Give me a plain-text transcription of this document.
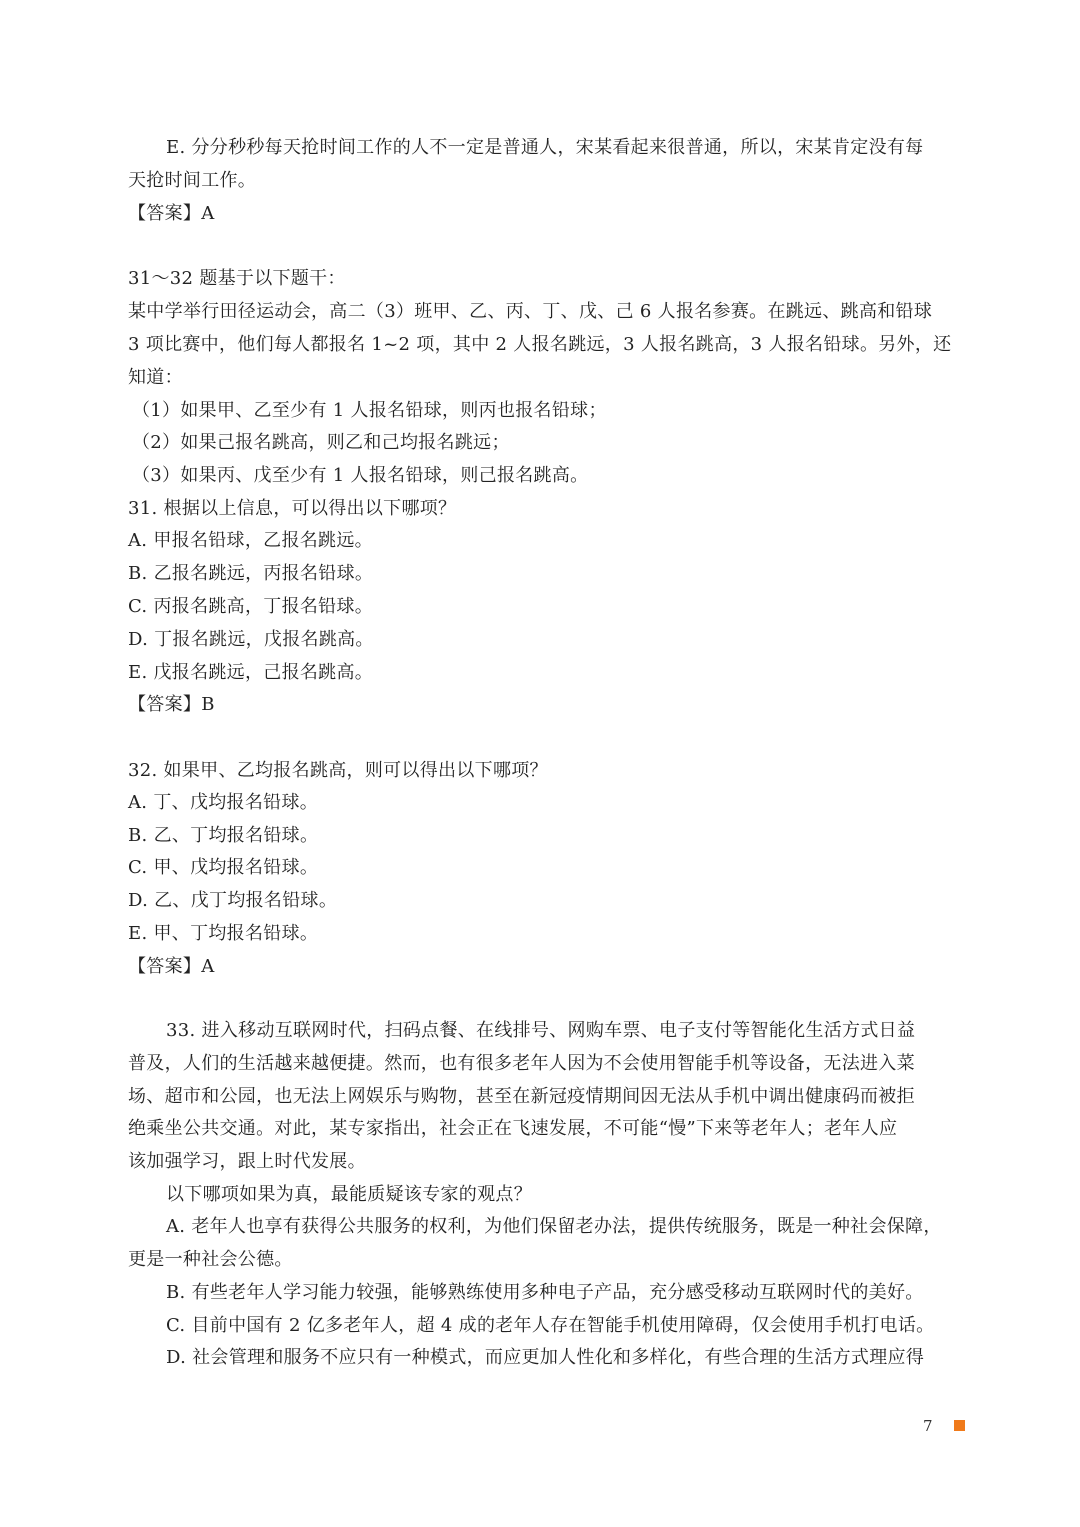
E. 分分秒秒每天抢时间工作的人不一定是普通人，宋某看起来很普通，所以，宋某肯定没有每
天抢时间工作。
【答案】A
31～32 题基于以下题干：
某中学举行田径运动会，高二（3）班甲、乙、丙、丁、戊、己 6 人报名参赛。在跳远、跳高和铅球
3 项比赛中，他们每人都报名 1~2 项，其中 2 人报名跳远，3 人报名跳高，3 人报名铅球。另外，还
知道：
（1）如果甲、乙至少有 1 人报名铅球，则丙也报名铅球；
（2）如果己报名跳高，则乙和己均报名跳远；
（3）如果丙、戊至少有 1 人报名铅球，则己报名跳高。
31. 根据以上信息，可以得出以下哪项？
A. 甲报名铅球，乙报名跳远。
B. 乙报名跳远，丙报名铅球。
C. 丙报名跳高，丁报名铅球。
D. 丁报名跳远，戊报名跳高。
E. 戊报名跳远，己报名跳高。
【答案】B
32. 如果甲、乙均报名跳高，则可以得出以下哪项？
A. 丁、戊均报名铅球。
B. 乙、丁均报名铅球。
C. 甲、戊均报名铅球。
D. 乙、戊丁均报名铅球。
E. 甲、丁均报名铅球。
【答案】A
33. 进入移动互联网时代，扫码点餐、在线排号、网购车票、电子支付等智能化生活方式日益
普及，人们的生活越来越便捷。然而，也有很多老年人因为不会使用智能手机等设备，无法进入菜
场、超市和公园，也无法上网娱乐与购物，甚至在新冠疫情期间因无法从手机中调出健康码而被拒
绝乘坐公共交通。对此，某专家指出，社会正在飞速发展，不可能“慢”下来等老年人；老年人应
该加强学习，跟上时代发展。
以下哪项如果为真，最能质疑该专家的观点？
A. 老年人也享有获得公共服务的权利，为他们保留老办法，提供传统服务，既是一种社会保障，
更是一种社会公德。
B. 有些老年人学习能力较强，能够熟练使用多种电子产品，充分感受移动互联网时代的美好。
C. 目前中国有 2 亿多老年人，超 4 成的老年人存在智能手机使用障碍，仅会使用手机打电话。
D. 社会管理和服务不应只有一种模式，而应更加人性化和多样化，有些合理的生活方式理应得
7
